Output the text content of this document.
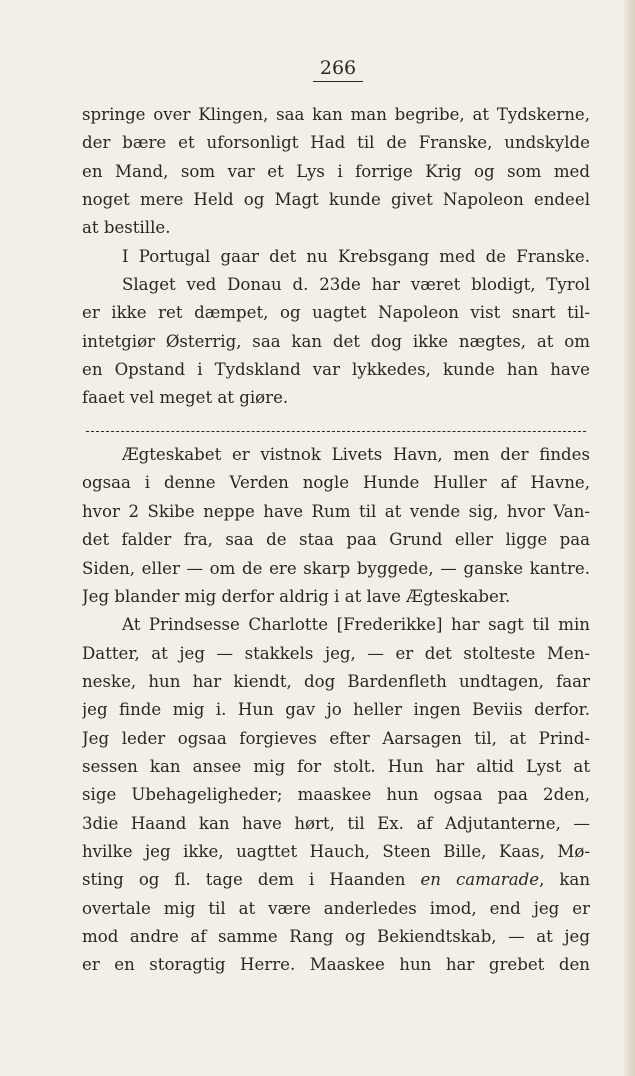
266
springe over Klingen, saa kan man begribe, at Tydskerne,
der bære et uforsonligt Had til de Franske, undskylde
en Mand, som var et Lys i forrige Krig og som med
noget mere Held og Magt kunde givet Napoleon endeel
at bestille.
I Portugal gaar det nu Krebsgang med de Franske.
Slaget ved Donau d. 23de har været blodigt, Tyrol
er ikke ret dæmpet, og uagtet Napoleon vist snart til-
intetgiør Østerrig, saa kan det dog ikke nægtes, at om
en Opstand i Tydskland var lykkedes, kunde han have
faaet vel meget at giøre.
Ægteskabet er vistnok Livets Havn, men der findes
ogsaa i denne Verden nogle Hunde Huller af Havne,
hvor 2 Skibe neppe have Rum til at vende sig, hvor Van-
det falder fra, saa de staa paa Grund eller ligge paa
Siden, eller — om de ere skarp byggede, — ganske kantre.
Jeg blander mig derfor aldrig i at lave Ægteskaber.
At Prindsesse Charlotte [Frederikke] har sagt til min
Datter, at jeg — stakkels jeg, — er det stolteste Men-
neske, hun har kiendt, dog Bardenfleth undtagen, faar
jeg finde mig i. Hun gav jo heller ingen Beviis derfor.
Jeg leder ogsaa forgieves efter Aarsagen til, at Prind-
sessen kan ansee mig for stolt. Hun har altid Lyst at
sige Ubehageligheder; maaskee hun ogsaa paa 2den,
3die Haand kan have hørt, til Ex. af Adjutanterne, —
hvilke jeg ikke, uagttet Hauch, Steen Bille, Kaas, Mø-
sting og fl. tage dem i Haanden en camarade, kan
overtale mig til at være anderledes imod, end jeg er
mod andre af samme Rang og Bekiendtskab, — at jeg
er en storagtig Herre. Maaskee hun har grebet den
